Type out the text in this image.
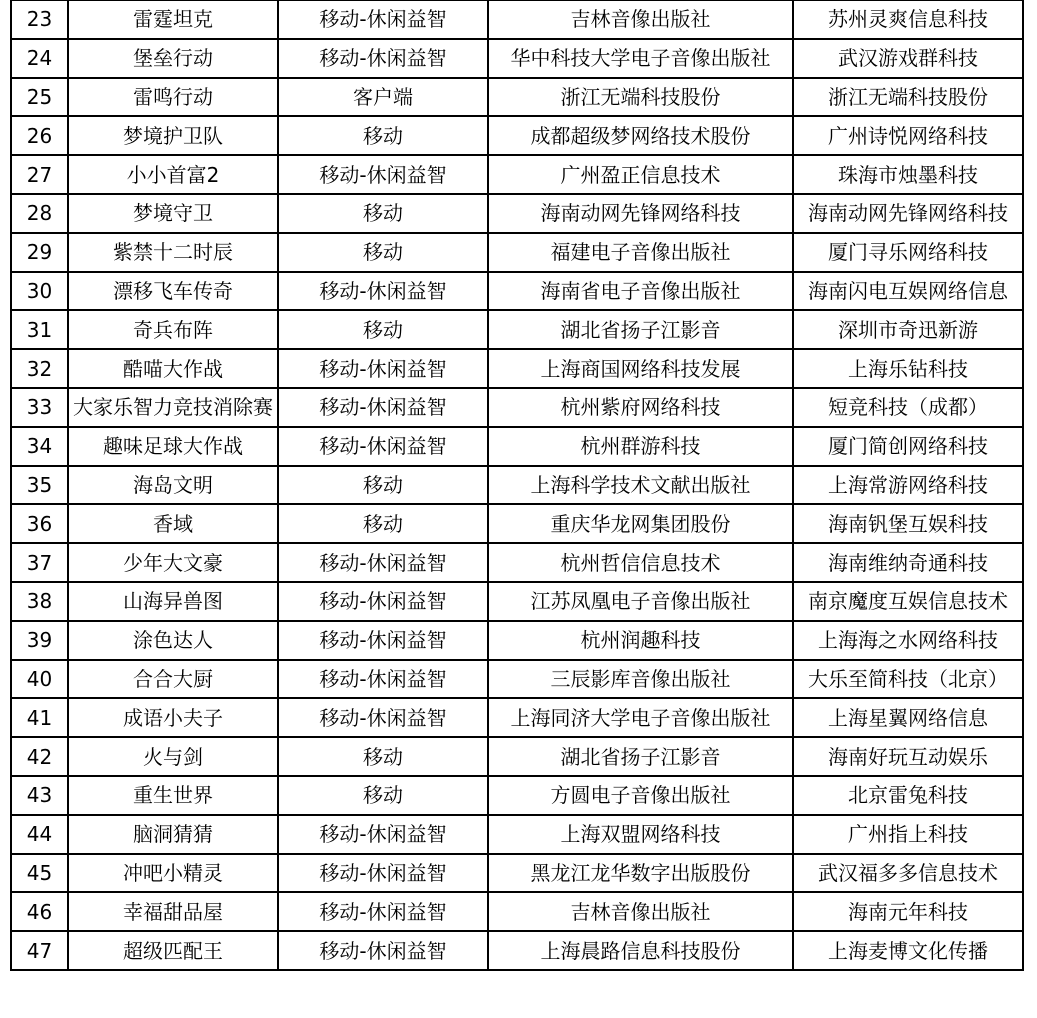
23	雷霆坦克	移动-休闲益智	吉林音像出版社	苏州灵爽信息科技
24	堡垒行动	移动-休闲益智	华中科技大学电子音像出版社	武汉游戏群科技
25	雷鸣行动	客户端	浙江无端科技股份	浙江无端科技股份
26	梦境护卫队	移动	成都超级梦网络技术股份	广州诗悦网络科技
27	小小首富2	移动-休闲益智	广州盈正信息技术	珠海市烛墨科技
28	梦境守卫	移动	海南动网先锋网络科技	海南动网先锋网络科技
29	紫禁十二时辰	移动	福建电子音像出版社	厦门寻乐网络科技
30	漂移飞车传奇	移动-休闲益智	海南省电子音像出版社	海南闪电互娱网络信息
31	奇兵布阵	移动	湖北省扬子江影音	深圳市奇迅新游
32	酷喵大作战	移动-休闲益智	上海商国网络科技发展	上海乐钻科技
33	大家乐智力竞技消除赛	移动-休闲益智	杭州紫府网络科技	短竞科技（成都）
34	趣味足球大作战	移动-休闲益智	杭州群游科技	厦门简创网络科技
35	海岛文明	移动	上海科学技术文献出版社	上海常游网络科技
36	香域	移动	重庆华龙网集团股份	海南钒堡互娱科技
37	少年大文豪	移动-休闲益智	杭州哲信信息技术	海南维纳奇通科技
38	山海异兽图	移动-休闲益智	江苏凤凰电子音像出版社	南京魔度互娱信息技术
39	涂色达人	移动-休闲益智	杭州润趣科技	上海海之水网络科技
40	合合大厨	移动-休闲益智	三辰影库音像出版社	大乐至简科技（北京）
41	成语小夫子	移动-休闲益智	上海同济大学电子音像出版社	上海星翼网络信息
42	火与剑	移动	湖北省扬子江影音	海南好玩互动娱乐
43	重生世界	移动	方圆电子音像出版社	北京雷兔科技
44	脑洞猜猜	移动-休闲益智	上海双盟网络科技	广州指上科技
45	冲吧小精灵	移动-休闲益智	黑龙江龙华数字出版股份	武汉福多多信息技术
46	幸福甜品屋	移动-休闲益智	吉林音像出版社	海南元年科技
47	超级匹配王	移动-休闲益智	上海晨路信息科技股份	上海麦博文化传播
